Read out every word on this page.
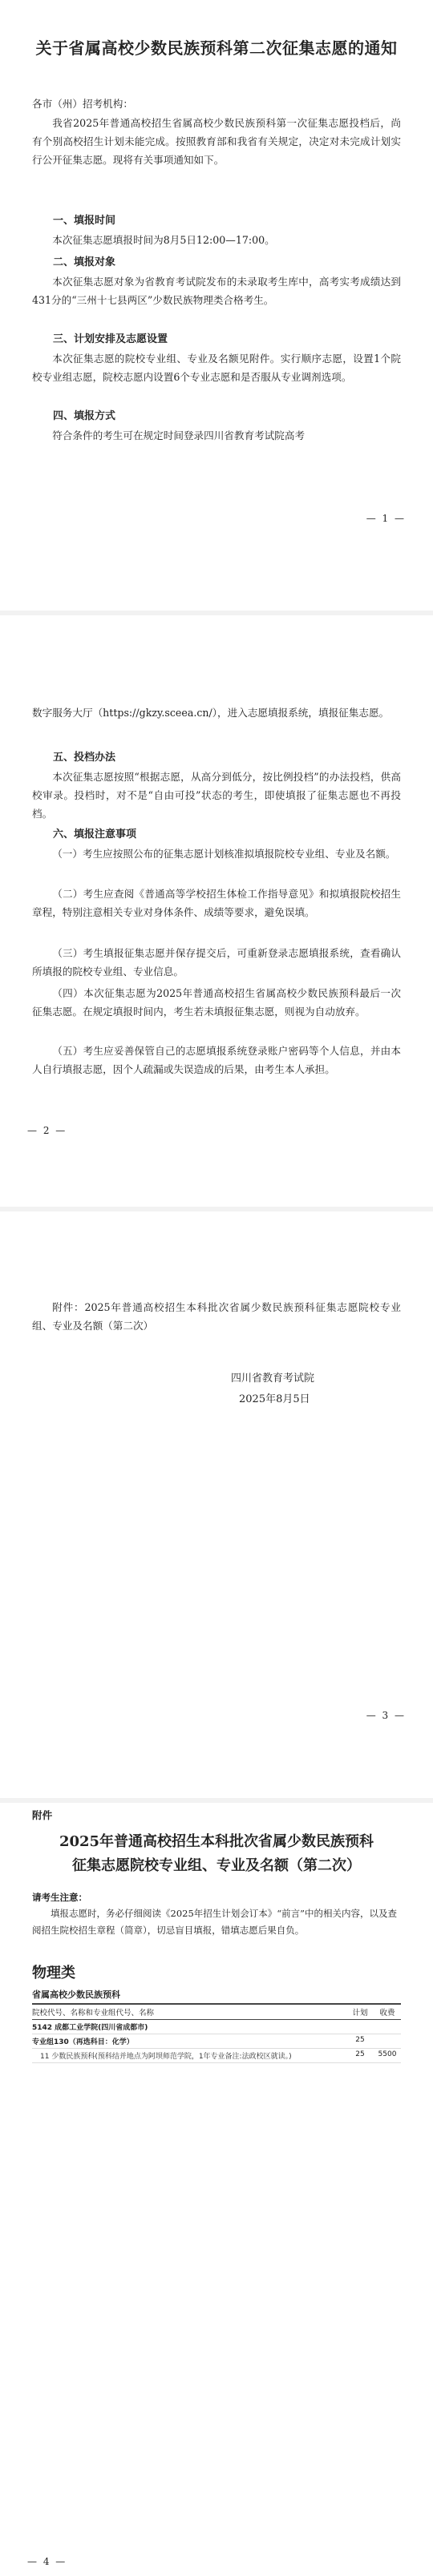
关于省属高校少数民族预科第二次征集志愿的通知
各市（州）招考机构：
我省2025年普通高校招生省属高校少数民族预科第一次征集志愿投档后，尚有个别高校招生计划未能完成。按照教育部和我省有关规定，决定对未完成计划实行公开征集志愿。现将有关事项通知如下。
一、填报时间
本次征集志愿填报时间为8月5日12:00—17:00。
二、填报对象
本次征集志愿对象为省教育考试院发布的未录取考生库中，高考实考成绩达到431分的“三州十七县两区”少数民族物理类合格考生。
三、计划安排及志愿设置
本次征集志愿的院校专业组、专业及名额见附件。实行顺序志愿，设置1个院校专业组志愿，院校志愿内设置6个专业志愿和是否服从专业调剂选项。
四、填报方式
符合条件的考生可在规定时间登录四川省教育考试院高考
— 1 —
数字服务大厅（https://gkzy.sceea.cn/），进入志愿填报系统，填报征集志愿。
五、投档办法
本次征集志愿按照“根据志愿，从高分到低分，按比例投档”的办法投档，供高校审录。投档时，对不是“自由可投”状态的考生，即使填报了征集志愿也不再投档。
六、填报注意事项
（一）考生应按照公布的征集志愿计划核准拟填报院校专业组、专业及名额。
（二）考生应查阅《普通高等学校招生体检工作指导意见》和拟填报院校招生章程，特别注意相关专业对身体条件、成绩等要求，避免误填。
（三）考生填报征集志愿并保存提交后，可重新登录志愿填报系统，查看确认所填报的院校专业组、专业信息。
（四）本次征集志愿为2025年普通高校招生省属高校少数民族预科最后一次征集志愿。在规定填报时间内，考生若未填报征集志愿，则视为自动放弃。
（五）考生应妥善保管自己的志愿填报系统登录账户密码等个人信息，并由本人自行填报志愿，因个人疏漏或失误造成的后果，由考生本人承担。
— 2 —
附件：2025年普通高校招生本科批次省属少数民族预科征集志愿院校专业组、专业及名额（第二次）
四川省教育考试院
2025年8月5日
— 3 —
附件
2025年普通高校招生本科批次省属少数民族预科
征集志愿院校专业组、专业及名额（第二次）
请考生注意：
填报志愿时，务必仔细阅读《2025年招生计划会订本》“前言”中的相关内容，以及查阅招生院校招生章程（简章），切忌盲目填报，错填志愿后果自负。
物理类
省属高校少数民族预科
院校代号、名称和专业组代号、名称	计划	收费
5142 成都工业学院(四川省成都市)
专业组130（再选科目：化学）	25
11 少数民族预科(预科结并地点为阿坝师范学院，1年专业备注:法政校区就读。)	25	5500
— 4 —
